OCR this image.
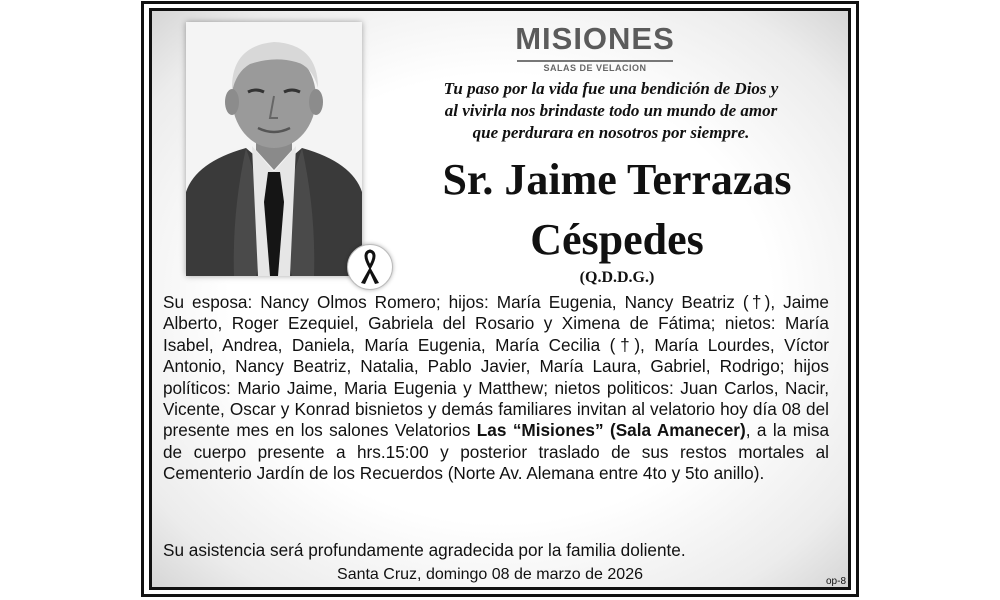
MISIONES
SALAS DE VELACION
Tu paso por la vida fue una bendición de Dios y
al vivirla nos brindaste todo un mundo de amor
que perdurara en nosotros por siempre.
Sr. Jaime Terrazas
Céspedes
(Q.D.D.G.)
Su esposa: Nancy Olmos Romero; hijos: María Eugenia, Nancy Beatriz (†), Jaime Alberto, Roger Ezequiel, Gabriela del Rosario y Ximena de Fátima; nietos: María Isabel, Andrea, Daniela, María Eugenia, María Cecilia (†), María Lourdes, Víctor Antonio, Nancy Beatriz, Natalia, Pablo Javier, María Laura, Gabriel, Rodrigo; hijos políticos: Mario Jaime, Maria Eugenia y Matthew; nietos politicos: Juan Carlos, Nacir, Vicente, Oscar y Konrad bisnietos y demás familiares invitan al velatorio hoy día 08 del presente mes en los salones Velatorios Las “Misiones” (Sala Amanecer), a la misa de cuerpo presente a hrs.15:00 y posterior traslado de sus restos mortales al Cementerio Jardín de los Recuerdos (Norte Av. Alemana entre 4to y 5to anillo).
Su asistencia será profundamente agradecida por la familia doliente.
Santa Cruz, domingo 08 de marzo de 2026	op-8
